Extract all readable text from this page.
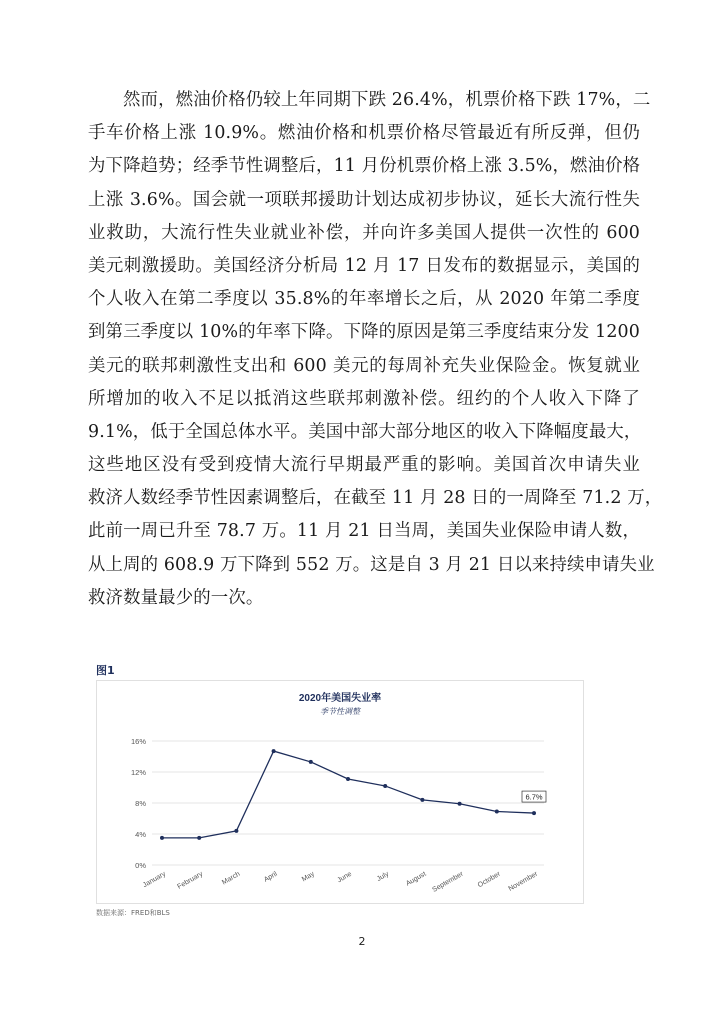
然而，燃油价格仍较上年同期下跌 26.4%，机票价格下跌 17%，二
手车价格上涨 10.9%。燃油价格和机票价格尽管最近有所反弹，但仍
为下降趋势；经季节性调整后，11 月份机票价格上涨 3.5%，燃油价格
上涨 3.6%。国会就一项联邦援助计划达成初步协议，延长大流行性失
业救助，大流行性失业就业补偿，并向许多美国人提供一次性的 600
美元刺激援助。美国经济分析局 12 月 17 日发布的数据显示，美国的
个人收入在第二季度以 35.8%的年率增长之后，从 2020 年第二季度
到第三季度以 10%的年率下降。下降的原因是第三季度结束分发 1200
美元的联邦刺激性支出和 600 美元的每周补充失业保险金。恢复就业
所增加的收入不足以抵消这些联邦刺激补偿。纽约的个人收入下降了
9.1%，低于全国总体水平。美国中部大部分地区的收入下降幅度最大，
这些地区没有受到疫情大流行早期最严重的影响。美国首次申请失业
救济人数经季节性因素调整后，在截至 11 月 28 日的一周降至 71.2 万，
此前一周已升至 78.7 万。11 月 21 日当周，美国失业保险申请人数，
从上周的 608.9 万下降到 552 万。这是自 3 月 21 日以来持续申请失业
救济数量最少的一次。
图1
2020年美国失业率
季节性调整
0%
4%
8%
12%
16%
January February March	April	May	June	July August September October November
6.7%
数据来源：FRED和BLS
2
